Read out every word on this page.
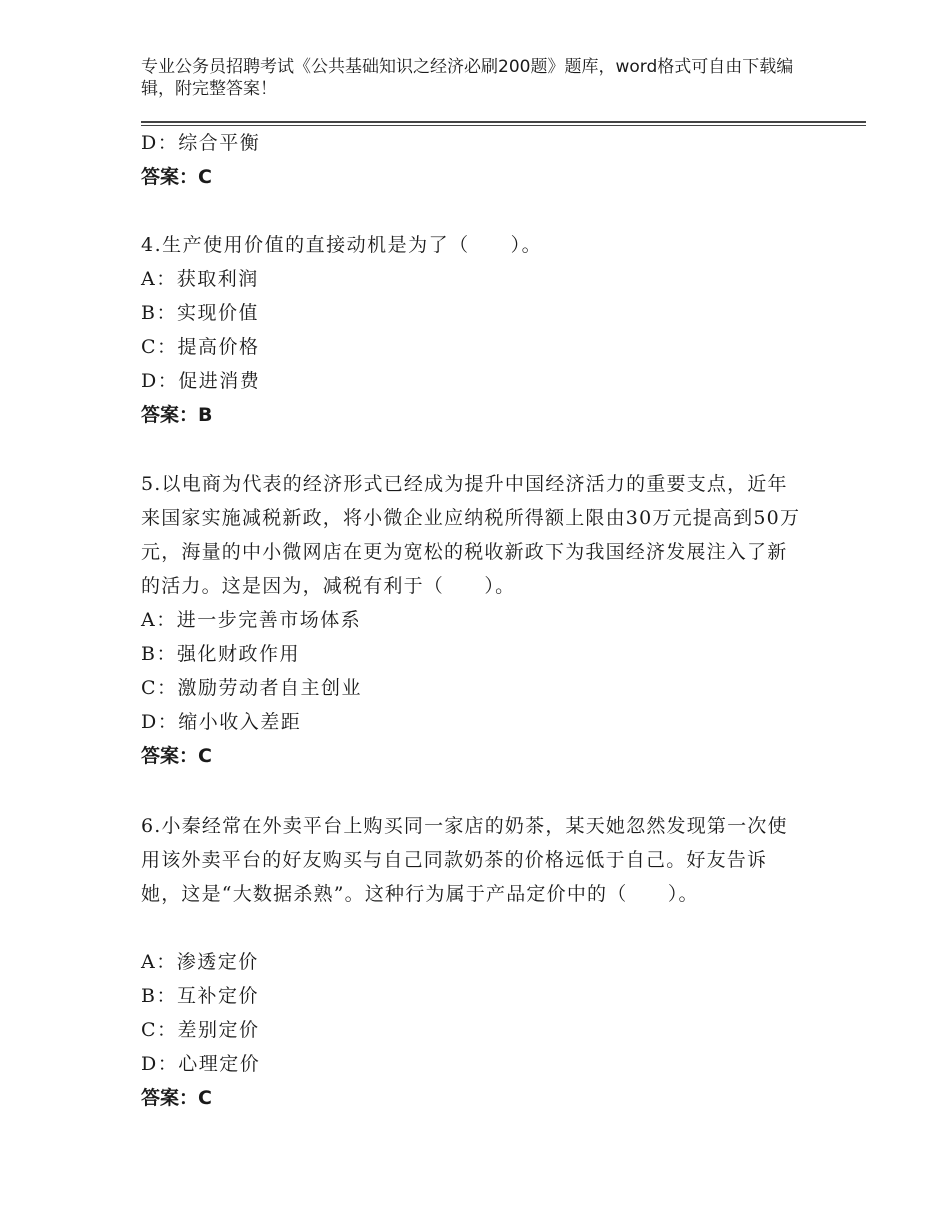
专业公务员招聘考试《公共基础知识之经济必刷200题》题库，word格式可自由下载编辑，附完整答案！
D：综合平衡
答案：C
4.生产使用价值的直接动机是为了（　　）。
A：获取利润
B：实现价值
C：提高价格
D：促进消费
答案：B
5.以电商为代表的经济形式已经成为提升中国经济活力的重要支点，近年来国家实施减税新政，将小微企业应纳税所得额上限由30万元提高到50万元，海量的中小微网店在更为宽松的税收新政下为我国经济发展注入了新的活力。这是因为，减税有利于（　　）。
A：进一步完善市场体系
B：强化财政作用
C：激励劳动者自主创业
D：缩小收入差距
答案：C
6.小秦经常在外卖平台上购买同一家店的奶茶，某天她忽然发现第一次使用该外卖平台的好友购买与自己同款奶茶的价格远低于自己。好友告诉她，这是“大数据杀熟”。这种行为属于产品定价中的（　　）。
A：渗透定价
B：互补定价
C：差别定价
D：心理定价
答案：C
